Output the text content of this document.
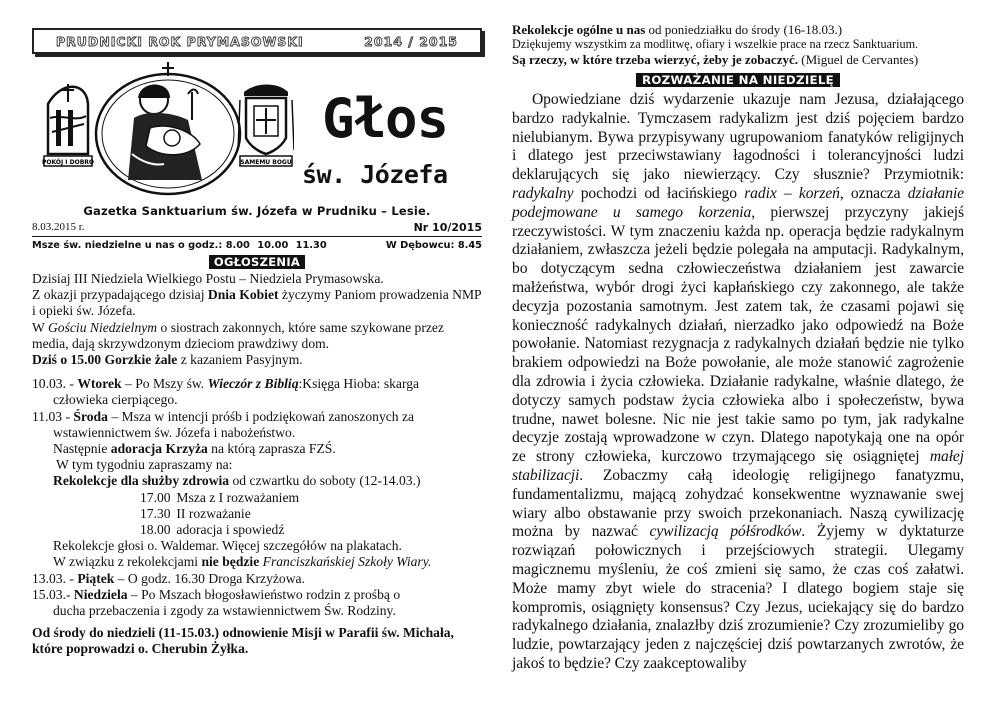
PRUDNICKI ROK PRYMASOWSKI	2014 / 2015
POKÓJ I DOBRO	SAMEMU BOGU
Głos
św. Józefa
Gazetka Sanktuarium św. Józefa w Prudniku – Lesie.
8.03.2015 r.	Nr 10/2015
Msze św. niedzielne u nas o godz.: 8.00 10.00 11.30	W Dębowcu: 8.45
OGŁOSZENIA
Dzisiaj III Niedziela Wielkiego Postu – Niedziela Prymasowska.
Z okazji przypadającego dzisiaj Dnia Kobiet życzymy Paniom prowadzenia NMP i opieki św. Józefa.
W Gościu Niedzielnym o siostrach zakonnych, które same szykowane przez media, dają skrzywdzonym dzieciom prawdziwy dom.
Dziś o 15.00 Gorzkie żale z kazaniem Pasyjnym.
10.03. - Wtorek – Po Mszy św. Wieczór z Biblią:Księga Hioba: skarga
człowieka cierpiącego.
11.03 - Środa – Msza w intencji próśb i podziękowań zanoszonych za
wstawiennictwem św. Józefa i nabożeństwo.
Następnie adoracja Krzyża na którą zaprasza FZŚ.
W tym tygodniu zapraszamy na:
Rekolekcje dla służby zdrowia od czwartku do soboty (12-14.03.)
17.00 Msza z I rozważaniem
17.30 II rozważanie
18.00 adoracja i spowiedź
Rekolekcje głosi o. Waldemar. Więcej szczegółów na plakatach.
W związku z rekolekcjami nie będzie Franciszkańskiej Szkoły Wiary.
13.03. - Piątek – O godz. 16.30 Droga Krzyżowa.
15.03.- Niedziela – Po Mszach błogosławieństwo rodzin z prośbą o
ducha przebaczenia i zgody za wstawiennictwem Św. Rodziny.
Od środy do niedzieli (11-15.03.) odnowienie Misji w Parafii św. Michała, które poprowadzi o. Cherubin Żyłka.
Rekolekcje ogólne u nas od poniedziałku do środy (16-18.03.)
Dziękujemy wszystkim za modlitwę, ofiary i wszelkie prace na rzecz Sanktuarium.
Są rzeczy, w które trzeba wierzyć, żeby je zobaczyć. (Miguel de Cervantes)
ROZWAŻANIE NA NIEDZIELĘ

Opowiedziane dziś wydarzenie ukazuje nam Jezusa, działającego bardzo radykalnie. Tymczasem radykalizm jest dziś pojęciem bardzo nielubianym. Bywa przypisywany ugrupowaniom fanatyków religijnych i dlatego jest przeciwstawiany łagodności i tolerancyjności ludzi deklarujących się jako niewierzący. Czy słusznie? Przymiotnik: radykalny pochodzi od łacińskiego radix – korzeń, oznacza działanie podejmowane u samego korzenia, pierwszej przyczyny jakiejś rzeczywistości. W tym znaczeniu każda np. operacja będzie radykalnym działaniem, zwłaszcza jeżeli będzie polegała na amputacji. Radykalnym, bo dotyczącym sedna człowieczeństwa działaniem jest zawarcie małżeństwa, wybór drogi życi kapłańskiego czy zakonnego, ale także decyzja pozostania samotnym. Jest zatem tak, że czasami pojawi się konieczność radykalnych działań, nierzadko jako odpowiedź na Boże powołanie. Natomiast rezygnacja z radykalnych działań będzie nie tylko brakiem odpowiedzi na Boże powołanie, ale może stanowić zagrożenie dla zdrowia i życia człowieka. Działanie radykalne, właśnie dlatego, że dotyczy samych podstaw życia człowieka albo i społeczeństw, bywa trudne, nawet bolesne. Nic nie jest takie samo po tym, jak radykalne decyzje zostają wprowadzone w czyn. Dlatego napotykają one na opór ze strony człowieka, kurczowo trzymającego się osiągniętej małej stabilizacji. Zobaczmy całą ideologię religijnego fanatyzmu, fundamentalizmu, mającą zohydzać konsekwentne wyznawanie swej wiary albo obstawanie przy swoich przekonaniach. Naszą cywilizację można by nazwać cywilizacją półśrodków. Żyjemy w dyktaturze rozwiązań połowicznych i przejściowych strategii. Ulegamy magicznemu myśleniu, że coś zmieni się samo, że czas coś załatwi. Może mamy zbyt wiele do stracenia? I dlatego bogiem staje się kompromis, osiągnięty konsensus? Czy Jezus, uciekający się do bardzo radykalnego działania, znalazłby dziś zrozumienie? Czy zrozumieliby go ludzie, powtarzający jeden z najczęściej dziś powtarzanych zwrotów, że jakoś to będzie? Czy zaakceptowaliby
